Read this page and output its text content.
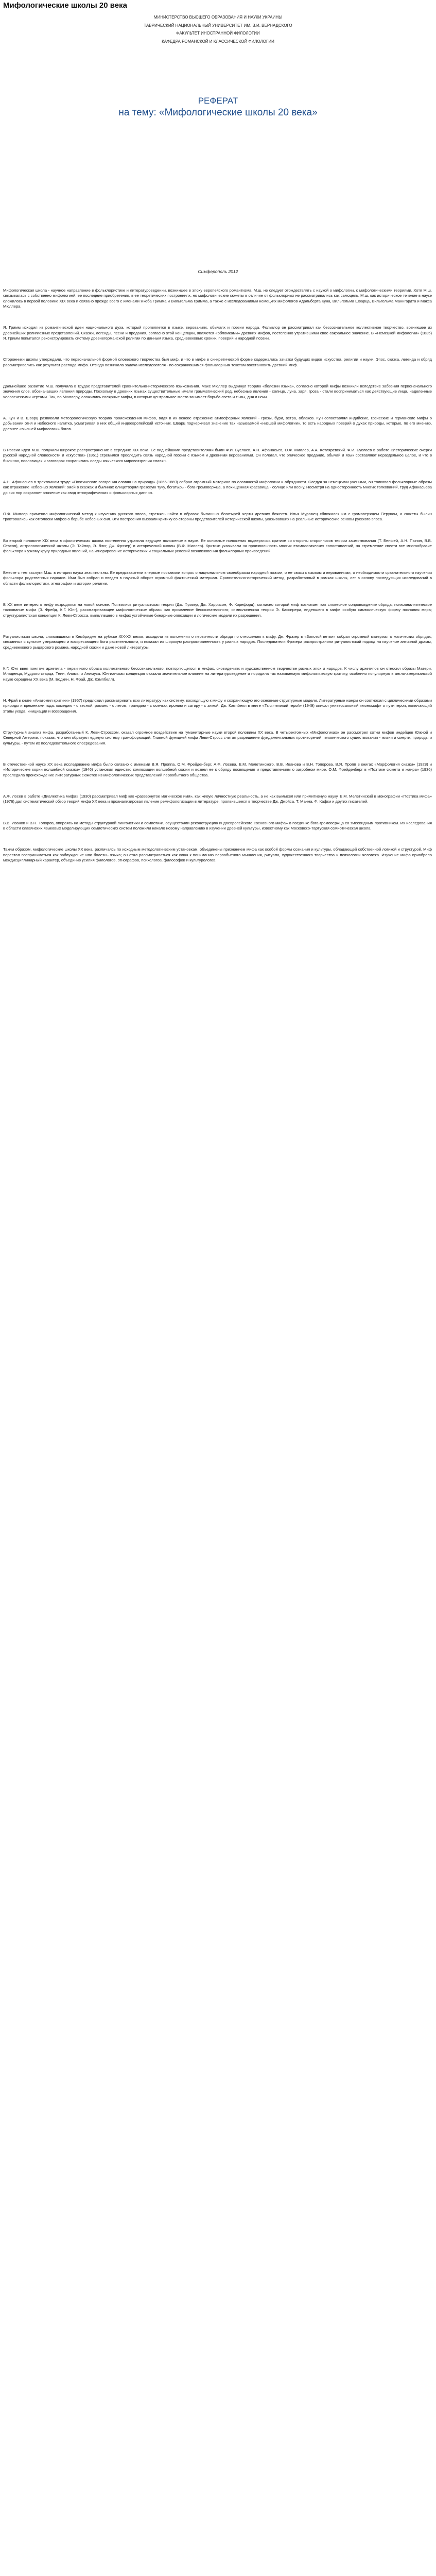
Мифологические школы 20 века
МИНИСТЕРСТВО ВЫСШЕГО ОБРАЗОВАНИЯ И НАУКИ УКРАИНЫ
ТАВРИЧЕСКИЙ НАЦИОНАЛЬНЫЙ УНИВЕРСИТЕТ ИМ. В.И. ВЕРНАДСКОГО
ФАКУЛЬТЕТ ИНОСТРАННОЙ ФИЛОЛОГИИ
КАФЕДРА РОМАНСКОЙ И КЛАССИЧЕСКОЙ ФИЛОЛОГИИ
РЕФЕРАТ
на тему: «Мифологические школы 20 века»
Симферополь 2012

Мифологическая школа - научное направление в фольклористике и литературоведении, возникшее в эпоху европейского романтизма. М.ш. не следует отождествлять с наукой о мифологии, с мифологическими теориями. Хотя М.ш. связывалась с собственно мифологией, ее последние приобретения, в ее теоретических построениях, но мифологические сюжеты в отличие от фольклорных не рассматривались как самоцель. М.ш. как историческое течение в науке сложилось в первой половине XIX века и связано прежде всего с именами Якоба Гримма и Вильгельма Гримма, а также с исследованиями немецких мифологов Адальберта Куна, Вильгельма Шварца, Вильгельма Маннгардта и Макса Мюллера.

Я. Гримм исходил из романтической идеи национального духа, который проявляется в языке, верованиях, обычаях и поэзии народа. Фольклор он рассматривал как бессознательное коллективное творчество, возникшее из древнейших религиозных представлений. Сказки, легенды, песни и предания, согласно этой концепции, являются «обломками» древних мифов, постепенно утратившими свое сакральное значение. В «Немецкой мифологии» (1835) Я. Гримм попытался реконструировать систему древнегерманской религии по данным языка, средневековых хроник, поверий и народной поэзии.

Сторонники школы утверждали, что первоначальной формой словесного творчества был миф, и что в мифе в синкретической форме содержались зачатки будущих видов искусства, религии и науки. Эпос, сказка, легенда и обряд рассматривались как результат распада мифа. Отсюда возникала задача исследователя - по сохранившимся фольклорным текстам восстановить древний миф.

Дальнейшее развитие М.ш. получила в трудах представителей сравнительно-исторического языкознания. Макс Мюллер выдвинул теорию «болезни языка», согласно которой мифы возникли вследствие забвения первоначального значения слов, обозначавших явления природы. Поскольку в древних языках существительные имели грамматический род, небесные явления - солнце, луна, заря, гроза - стали восприниматься как действующие лица, наделенные человеческими чертами. Так, по Мюллеру, сложились солярные мифы, в которых центральное место занимает борьба света и тьмы, дня и ночи.

А. Кун и В. Шварц развивали метеорологическую теорию происхождения мифов, видя в их основе отражение атмосферных явлений - грозы, бури, ветра, облаков. Кун сопоставлял индийские, греческие и германские мифы о добывании огня и небесного напитка, усматривая в них общий индоевропейский источник. Шварц подчеркивал значение так называемой «низшей мифологии», то есть народных поверий о духах природы, которые, по его мнению, древнее «высшей мифологии» богов.

В России идеи М.ш. получили широкое распространение в середине XIX века. Ее виднейшими представителями были Ф.И. Буслаев, А.Н. Афанасьев, О.Ф. Миллер, А.А. Котляревский. Ф.И. Буслаев в работе «Исторические очерки русской народной словесности и искусства» (1861) стремился проследить связь народной поэзии с языком и древними верованиями. Он полагал, что эпическое предание, обычай и язык составляют нераздельное целое, и что в былинах, пословицах и заговорах сохранились следы языческого мировоззрения славян.

А.Н. Афанасьев в трехтомном труде «Поэтические воззрения славян на природу» (1865-1869) собрал огромный материал по славянской мифологии и обрядности. Следуя за немецкими учеными, он толковал фольклорные образы как отражение небесных явлений: змей в сказках и былинах олицетворял грозовую тучу, богатырь - бога-громовержца, а похищенная красавица - солнце или весну. Несмотря на односторонность многих толкований, труд Афанасьева до сих пор сохраняет значение как свод этнографических и фольклорных данных.

О.Ф. Миллер применил мифологический метод к изучению русского эпоса, стремясь найти в образах былинных богатырей черты древних божеств. Илья Муромец сближался им с громовержцем Перуном, а сюжеты былин трактовались как отголоски мифов о борьбе небесных сил. Эти построения вызвали критику со стороны представителей исторической школы, указывавших на реальные исторические основы русского эпоса.

Во второй половине XIX века мифологическая школа постепенно утратила ведущее положение в науке. Ее основные положения подверглись критике со стороны сторонников теории заимствования (Т. Бенфей, А.Н. Пыпин, В.В. Стасов), антропологической школы (Э. Тайлор, Э. Лэнг, Дж. Фрэзер) и исторической школы (В.Ф. Миллер). Критики указывали на произвольность многих этимологических сопоставлений, на стремление свести все многообразие фольклора к узкому кругу природных явлений, на игнорирование исторических и социальных условий возникновения фольклорных произведений.

Вместе с тем заслуги М.ш. в истории науки значительны. Ее представители впервые поставили вопрос о национальном своеобразии народной поэзии, о ее связи с языком и верованиями, о необходимости сравнительного изучения фольклора родственных народов. Ими был собран и введен в научный оборот огромный фактический материал. Сравнительно-исторический метод, разработанный в рамках школы, лег в основу последующих исследований в области фольклористики, этнографии и истории религии.

В XX веке интерес к мифу возродился на новой основе. Появились ритуалистская теория (Дж. Фрэзер, Дж. Харрисон, Ф. Корнфорд), согласно которой миф возникает как словесное сопровождение обряда; психоаналитическое толкование мифа (З. Фрейд, К.Г. Юнг), рассматривающее мифологические образы как проявление бессознательного; символическая теория Э. Кассирера, видевшего в мифе особую символическую форму познания мира; структуралистская концепция К. Леви-Стросса, выявлявшего в мифах устойчивые бинарные оппозиции и логические модели их разрешения.

Ритуалистская школа, сложившаяся в Кембридже на рубеже XIX-XX веков, исходила из положения о первичности обряда по отношению к мифу. Дж. Фрэзер в «Золотой ветви» собрал огромный материал о магических обрядах, связанных с культом умирающего и воскресающего бога растительности, и показал их широкую распространенность у разных народов. Последователи Фрэзера распространили ритуалистский подход на изучение античной драмы, средневекового рыцарского романа, народной сказки и даже новой литературы.

К.Г. Юнг ввел понятие архетипа - первичного образа коллективного бессознательного, повторяющегося в мифах, сновидениях и художественном творчестве разных эпох и народов. К числу архетипов он относил образы Матери, Младенца, Мудрого старца, Тени, Анимы и Анимуса. Юнгианская концепция оказала значительное влияние на литературоведение и породила так называемую мифологическую критику, особенно популярную в англо-американской науке середины XX века (М. Бодкин, Н. Фрай, Дж. Кэмпбелл).

Н. Фрай в книге «Анатомия критики» (1957) предложил рассматривать всю литературу как систему, восходящую к мифу и сохраняющую его основные структурные модели. Литературные жанры он соотносил с циклическими образами природы и временами года: комедию - с весной, романс - с летом, трагедию - с осенью, иронию и сатиру - с зимой. Дж. Кэмпбелл в книге «Тысячеликий герой» (1949) описал универсальный «мономиф» о пути героя, включающий этапы ухода, инициации и возвращения.

Структурный анализ мифа, разработанный К. Леви-Строссом, оказал огромное воздействие на гуманитарные науки второй половины XX века. В четырехтомных «Мифологиках» он рассмотрел сотни мифов индейцев Южной и Северной Америки, показав, что они образуют единую систему трансформаций. Главной функцией мифа Леви-Стросс считал разрешение фундаментальных противоречий человеческого существования - жизни и смерти, природы и культуры, - путем их последовательного опосредования.

В отечественной науке XX века исследование мифа было связано с именами В.Я. Проппа, О.М. Фрейденберг, А.Ф. Лосева, Е.М. Мелетинского, В.В. Иванова и В.Н. Топорова. В.Я. Пропп в книгах «Морфология сказки» (1928) и «Исторические корни волшебной сказки» (1946) установил единство композиции волшебной сказки и возвел ее к обряду посвящения и представлениям о загробном мире. О.М. Фрейденберг в «Поэтике сюжета и жанра» (1936) проследила происхождение литературных сюжетов из мифологических представлений первобытного общества.

А.Ф. Лосев в работе «Диалектика мифа» (1930) рассматривал миф как «развернутое магическое имя», как живую личностную реальность, а не как вымысел или примитивную науку. Е.М. Мелетинский в монографии «Поэтика мифа» (1976) дал систематический обзор теорий мифа XX века и проанализировал явление ремифологизации в литературе, проявившееся в творчестве Дж. Джойса, Т. Манна, Ф. Кафки и других писателей.

В.В. Иванов и В.Н. Топоров, опираясь на методы структурной лингвистики и семиотики, осуществили реконструкцию индоевропейского «основного мифа» о поединке бога-громовержца со змеевидным противником. Их исследования в области славянских языковых моделирующих семиотических систем положили начало новому направлению в изучении древней культуры, известному как Московско-Тартуская семиотическая школа.

Таким образом, мифологические школы XX века, различаясь по исходным методологическим установкам, объединены признанием мифа как особой формы сознания и культуры, обладающей собственной логикой и структурой. Миф перестал восприниматься как заблуждение или болезнь языка; он стал рассматриваться как ключ к пониманию первобытного мышления, ритуала, художественного творчества и психологии человека. Изучение мифа приобрело междисциплинарный характер, объединив усилия филологов, этнографов, психологов, философов и культурологов.
